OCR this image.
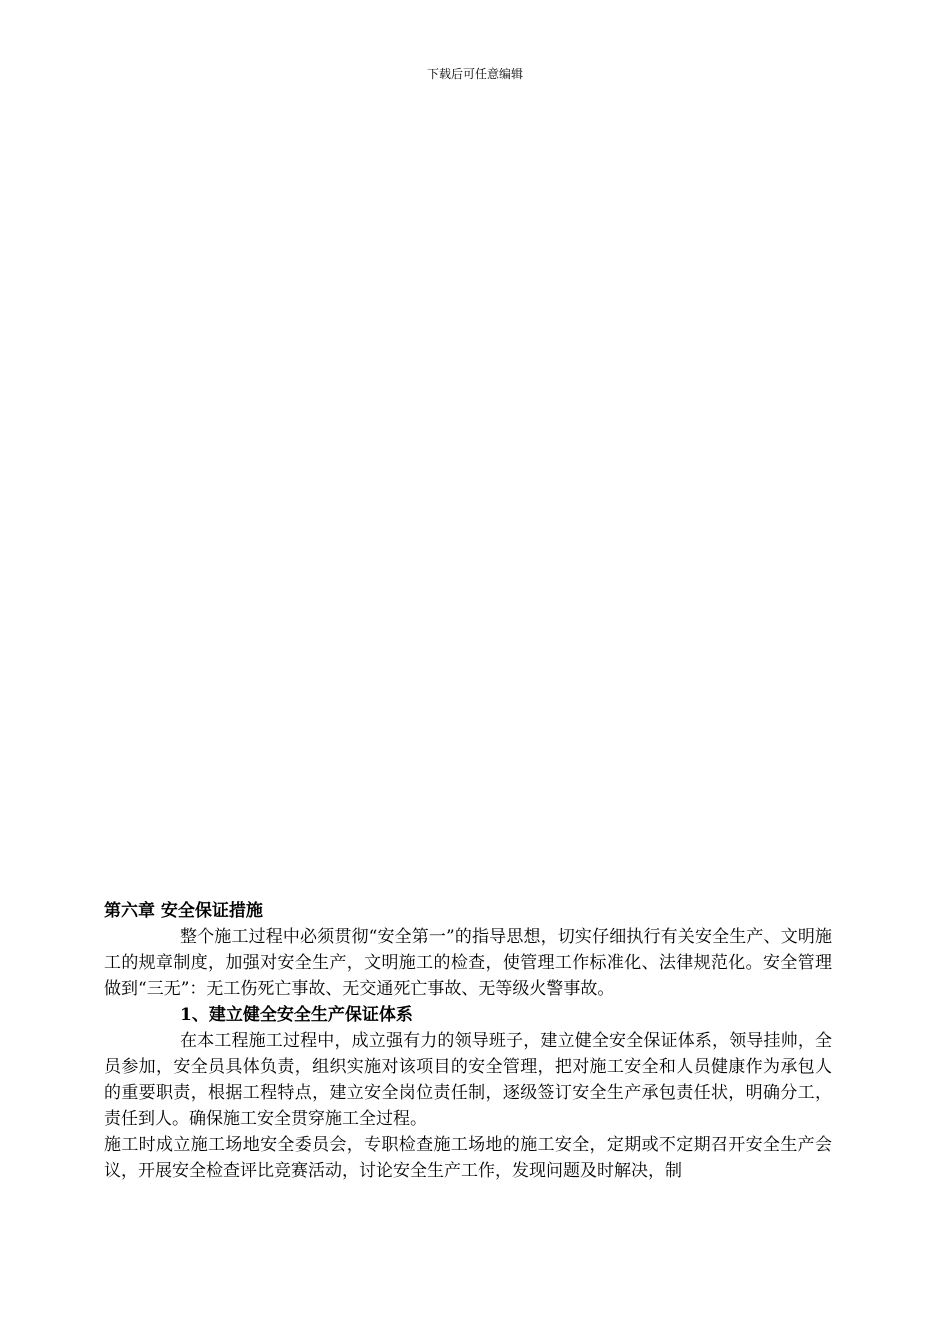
下载后可任意编辑

第六章 安全保证措施

整个施工过程中必须贯彻“安全第一”的指导思想，切实仔细执行有关安全生产、文明施工的规章制度，加强对安全生产，文明施工的检查，使管理工作标准化、法律规范化。安全管理做到“三无”：无工伤死亡事故、无交通死亡事故、无等级火警事故。

1、建立健全安全生产保证体系

在本工程施工过程中，成立强有力的领导班子，建立健全安全保证体系，领导挂帅，全员参加，安全员具体负责，组织实施对该项目的安全管理，把对施工安全和人员健康作为承包人的重要职责，根据工程特点，建立安全岗位责任制，逐级签订安全生产承包责任状，明确分工，责任到人。确保施工安全贯穿施工全过程。

施工时成立施工场地安全委员会，专职检查施工场地的施工安全，定期或不定期召开安全生产会议，开展安全检查评比竞赛活动，讨论安全生产工作，发现问题及时解决，制
